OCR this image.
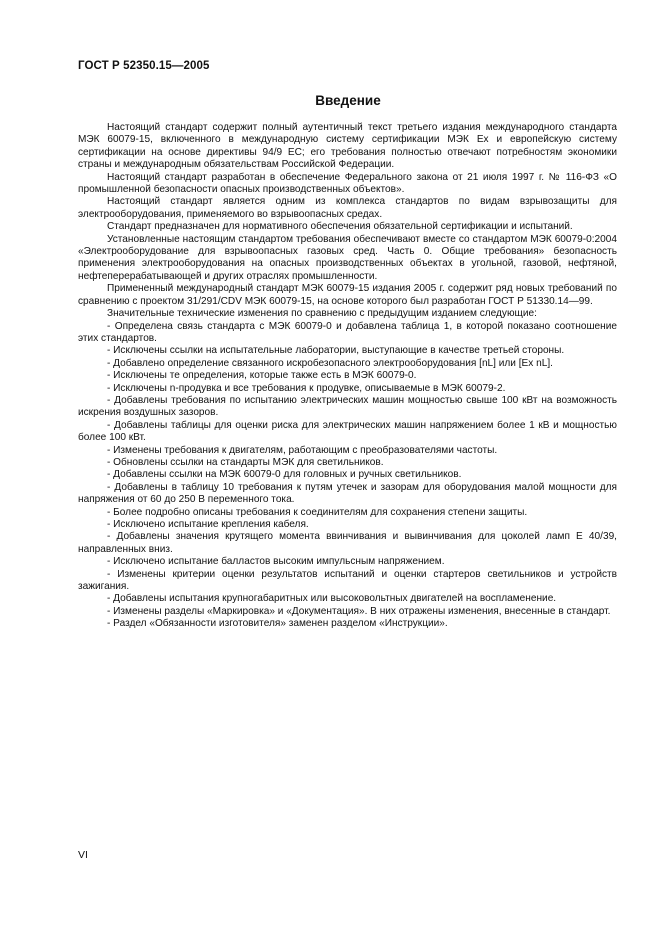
ГОСТ Р 52350.15—2005
Введение

Настоящий стандарт содержит полный аутентичный текст третьего издания международного стандарта МЭК 60079-15, включенного в международную систему сертификации МЭК Ex и европейскую систему сертификации на основе директивы 94/9 EC; его требования полностью отвечают потребностям экономики страны и международным обязательствам Российской Федерации.

Настоящий стандарт разработан в обеспечение Федерального закона от 21 июля 1997 г. № 116-ФЗ «О промышленной безопасности опасных производственных объектов».

Настоящий стандарт является одним из комплекса стандартов по видам взрывозащиты для электрооборудования, применяемого во взрывоопасных средах.

Стандарт предназначен для нормативного обеспечения обязательной сертификации и испытаний.

Установленные настоящим стандартом требования обеспечивают вместе со стандартом МЭК 60079-0:2004 «Электрооборудование для взрывоопасных газовых сред. Часть 0. Общие требования» безопасность применения электрооборудования на опасных производственных объектах в угольной, газовой, нефтяной, нефтеперерабатывающей и других отраслях промышленности.

Примененный международный стандарт МЭК 60079-15 издания 2005 г. содержит ряд новых требований по сравнению с проектом 31/291/CDV МЭК 60079-15, на основе которого был разработан ГОСТ Р 51330.14—99.

Значительные технические изменения по сравнению с предыдущим изданием следующие:

- Определена связь стандарта с МЭК 60079-0 и добавлена таблица 1, в которой показано соотношение этих стандартов.

- Исключены ссылки на испытательные лаборатории, выступающие в качестве третьей стороны.

- Добавлено определение связанного искробезопасного электрооборудования [nL] или [Ex nL].

- Исключены те определения, которые также есть в МЭК 60079-0.

- Исключены n-продувка и все требования к продувке, описываемые в МЭК 60079-2.

- Добавлены требования по испытанию электрических машин мощностью свыше 100 кВт на возможность искрения воздушных зазоров.

- Добавлены таблицы для оценки риска для электрических машин напряжением более 1 кВ и мощностью более 100 кВт.

- Изменены требования к двигателям, работающим с преобразователями частоты.

- Обновлены ссылки на стандарты МЭК для светильников.

- Добавлены ссылки на МЭК 60079-0 для головных и ручных светильников.

- Добавлены в таблицу 10 требования к путям утечек и зазорам для оборудования малой мощности для напряжения от 60 до 250 В переменного тока.

- Более подробно описаны требования к соединителям для сохранения степени защиты.

- Исключено испытание крепления кабеля.

- Добавлены значения крутящего момента ввинчивания и вывинчивания для цоколей ламп Е 40/39, направленных вниз.

- Исключено испытание балластов высоким импульсным напряжением.

- Изменены критерии оценки результатов испытаний и оценки стартеров светильников и устройств зажигания.

- Добавлены испытания крупногабаритных или высоковольтных двигателей на воспламенение.

- Изменены разделы «Маркировка» и «Документация». В них отражены изменения, внесенные в стандарт.

- Раздел «Обязанности изготовителя» заменен разделом «Инструкции».

VI
